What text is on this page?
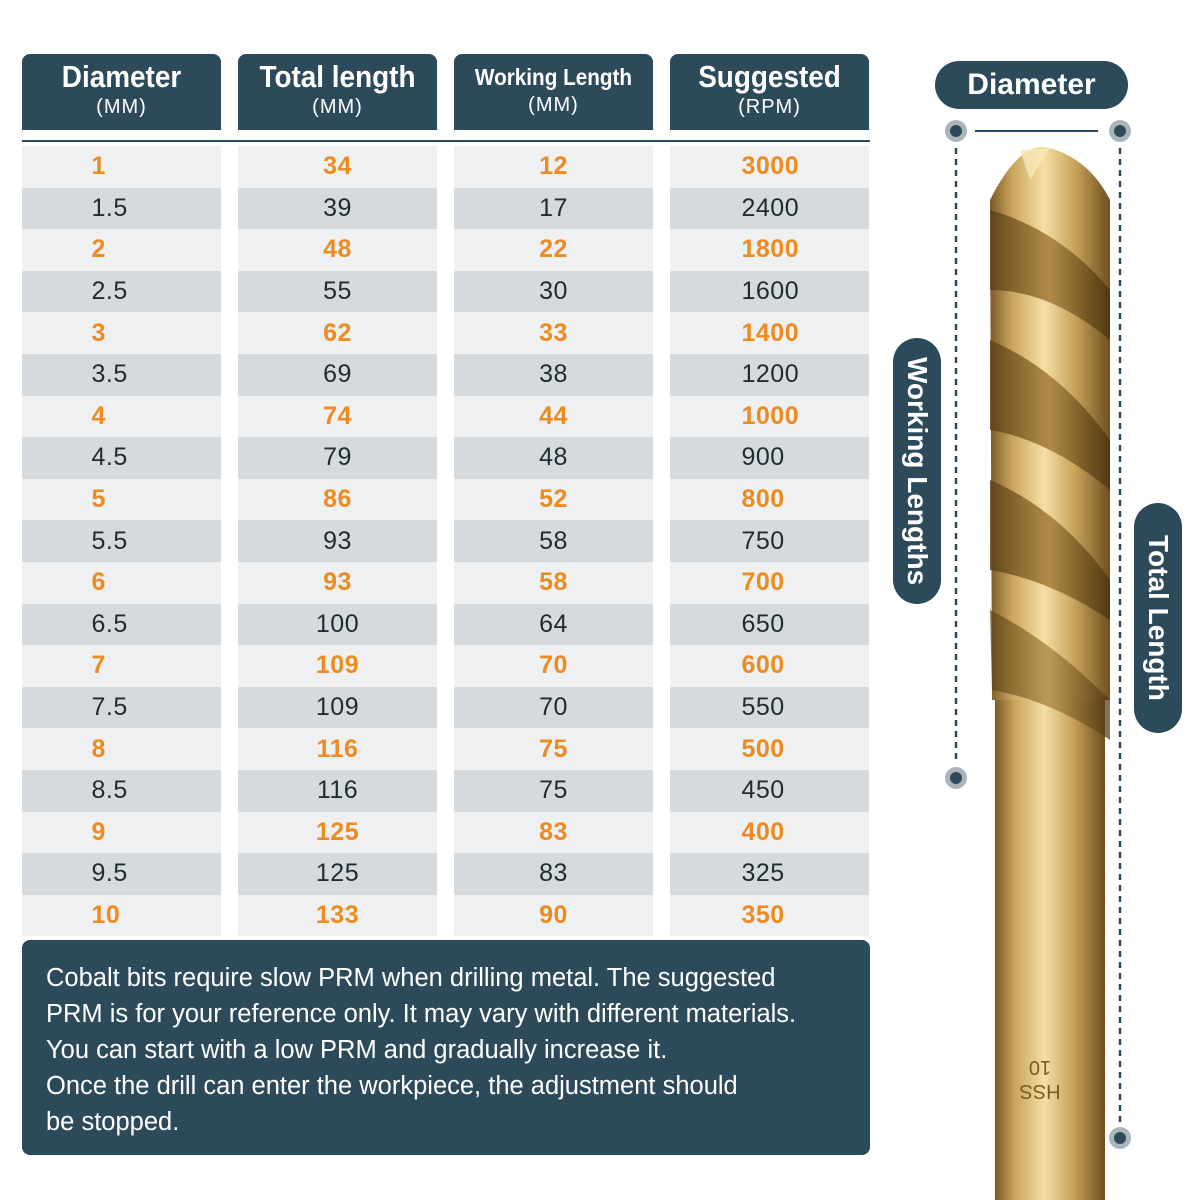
Diameter
(MM)
Total length
(MM)
Working Length
(MM)
Suggested
(RPM)
1	34	12	3000
1.5	39	17	2400
2	48	22	1800
2.5	55	30	1600
3	62	33	1400
3.5	69	38	1200
4	74	44	1000
4.5	79	48	900
5	86	52	800
5.5	93	58	750
6	93	58	700
6.5	100	64	650
7	109	70	600
7.5	109	70	550
8	116	75	500
8.5	116	75	450
9	125	83	400
9.5	125	83	325
10	133	90	350

Cobalt bits require slow PRM when drilling metal. The suggested
PRM is for your reference only. It may vary with different materials.
You can start with a low PRM and gradually increase it.
Once the drill can enter the workpiece, the adjustment should
be stopped.

Diameter
Working Lengths
Total Length
HSS
10
